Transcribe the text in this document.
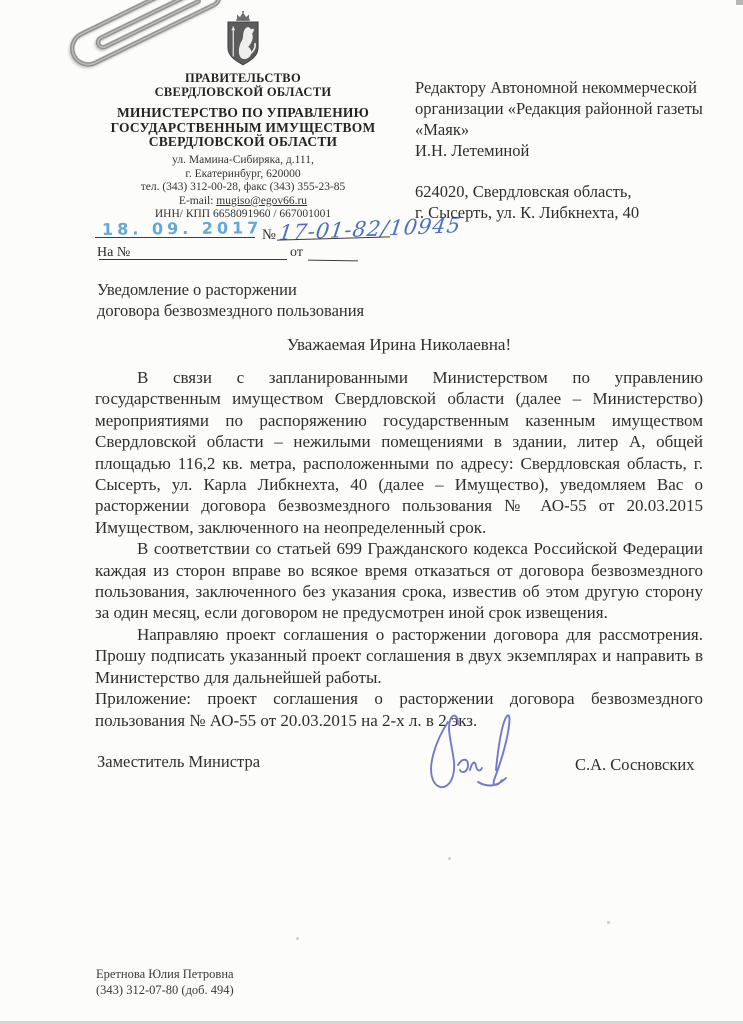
ПРАВИТЕЛЬСТВО
СВЕРДЛОВСКОЙ ОБЛАСТИ
МИНИСТЕРСТВО ПО УПРАВЛЕНИЮ
ГОСУДАРСТВЕННЫМ ИМУЩЕСТВОМ
СВЕРДЛОВСКОЙ ОБЛАСТИ
ул. Мамина-Сибиряка, д.111,
г. Екатеринбург, 620000
тел. (343) 312-00-28, факс (343) 355-23-85
E-mail: mugiso@egov66.ru
ИНН/ КПП 6658091960 / 667001001
18. 09. 2017 № 17-01-82/10945
На №	от
Редактору Автономной некоммерческой
организации «Редакция районной газеты
«Маяк»
И.Н. Летеминой
624020, Свердловская область,
г. Сысерть, ул. К. Либкнехта, 40
Уведомление о расторжении
договора безвозмездного пользования
Уважаемая Ирина Николаевна!

В связи с запланированными Министерством по управлению государственным имуществом Свердловской области (далее – Министерство) мероприятиями по распоряжению государственным казенным имуществом Свердловской области – нежилыми помещениями в здании, литер А, общей площадью 116,2 кв. метра, расположенными по адресу: Свердловская область, г. Сысерть, ул. Карла Либкнехта, 40 (далее – Имущество), уведомляем Вас о расторжении договора безвозмездного пользования № АО-55 от 20.03.2015 Имуществом, заключенного на неопределенный срок.

В соответствии со статьей 699 Гражданского кодекса Российской Федерации каждая из сторон вправе во всякое время отказаться от договора безвозмездного пользования, заключенного без указания срока, известив об этом другую сторону за один месяц, если договором не предусмотрен иной срок извещения.

Направляю проект соглашения о расторжении договора для рассмотрения. Прошу подписать указанный проект соглашения в двух экземплярах и направить в Министерство для дальнейшей работы.

Приложение: проект соглашения о расторжении договора безвозмездного пользования № АО-55 от 20.03.2015 на 2-х л. в 2 экз.

Заместитель Министра	С.А. Сосновских
Еретнова Юлия Петровна
(343) 312-07-80 (доб. 494)
